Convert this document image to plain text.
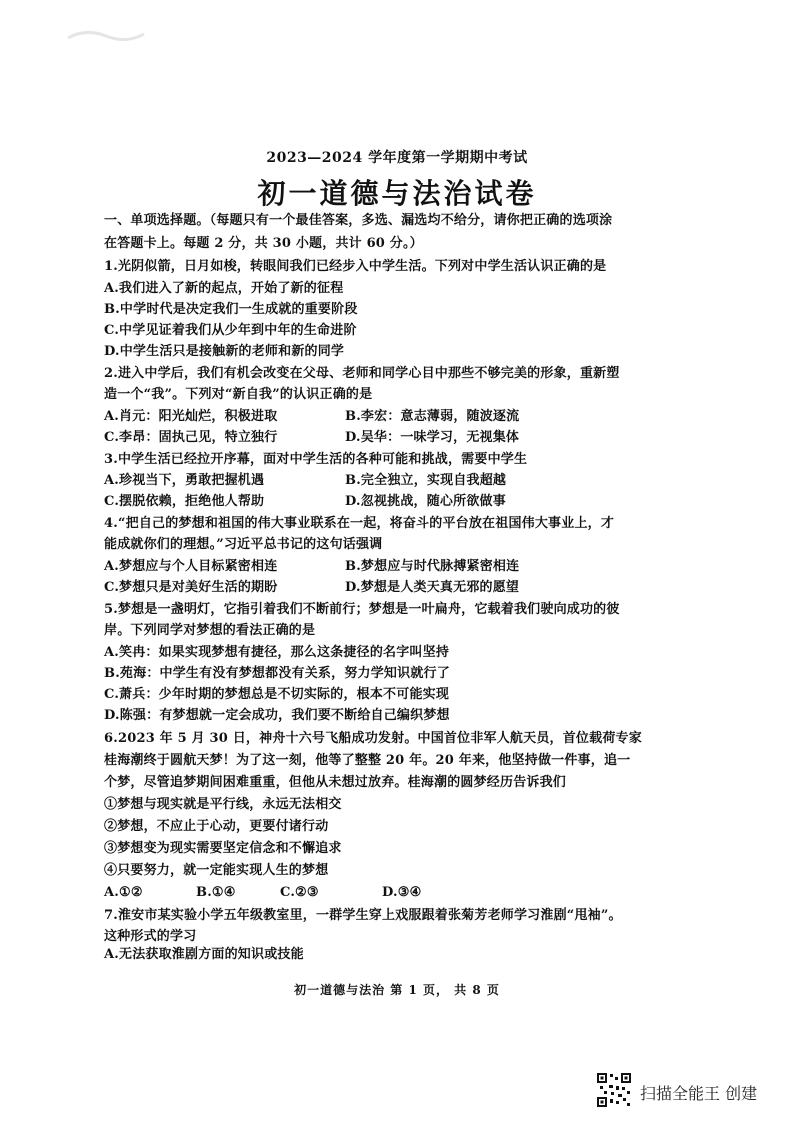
2023—2024 学年度第一学期期中考试
初一道德与法治试卷
一、单项选择题。（每题只有一个最佳答案，多选、漏选均不给分，请你把正确的选项涂
在答题卡上。每题 2 分，共 30 小题，共计 60 分。）
1.光阴似箭，日月如梭，转眼间我们已经步入中学生活。下列对中学生活认识正确的是
A.我们进入了新的起点，开始了新的征程
B.中学时代是决定我们一生成就的重要阶段
C.中学见证着我们从少年到中年的生命进阶
D.中学生活只是接触新的老师和新的同学
2.进入中学后，我们有机会改变在父母、老师和同学心目中那些不够完美的形象，重新塑
造一个“我”。下列对“新自我”的认识正确的是
A.肖元：阳光灿烂，积极进取	B.李宏：意志薄弱，随波逐流
C.李昂：固执己见，特立独行	D.吴华：一味学习，无视集体
3.中学生活已经拉开序幕，面对中学生活的各种可能和挑战，需要中学生
A.珍视当下，勇敢把握机遇	B.完全独立，实现自我超越
C.摆脱依赖，拒绝他人帮助	D.忽视挑战，随心所欲做事
4.“把自己的梦想和祖国的伟大事业联系在一起，将奋斗的平台放在祖国伟大事业上，才
能成就你们的理想。”习近平总书记的这句话强调
A.梦想应与个人目标紧密相连	B.梦想应与时代脉搏紧密相连
C.梦想只是对美好生活的期盼	D.梦想是人类天真无邪的愿望
5.梦想是一盏明灯，它指引着我们不断前行；梦想是一叶扁舟，它载着我们驶向成功的彼
岸。下列同学对梦想的看法正确的是
A.笑冉：如果实现梦想有捷径，那么这条捷径的名字叫坚持
B.苑海：中学生有没有梦想都没有关系，努力学知识就行了
C.萧兵：少年时期的梦想总是不切实际的，根本不可能实现
D.陈强：有梦想就一定会成功，我们要不断给自己编织梦想
6.2023 年 5 月 30 日，神舟十六号飞船成功发射。中国首位非军人航天员，首位载荷专家
桂海潮终于圆航天梦！为了这一刻，他等了整整 20 年。20 年来，他坚持做一件事，追一
个梦，尽管追梦期间困难重重，但他从未想过放弃。桂海潮的圆梦经历告诉我们
①梦想与现实就是平行线，永远无法相交
②梦想，不应止于心动，更要付诸行动
③梦想变为现实需要坚定信念和不懈追求
④只要努力，就一定能实现人生的梦想
A.①②	B.①④	C.②③	D.③④
7.淮安市某实验小学五年级教室里，一群学生穿上戏服跟着张菊芳老师学习淮剧“甩袖”。
这种形式的学习
A.无法获取淮剧方面的知识或技能
初一道德与法治 第 1 页， 共 8 页
扫描全能王 创建
